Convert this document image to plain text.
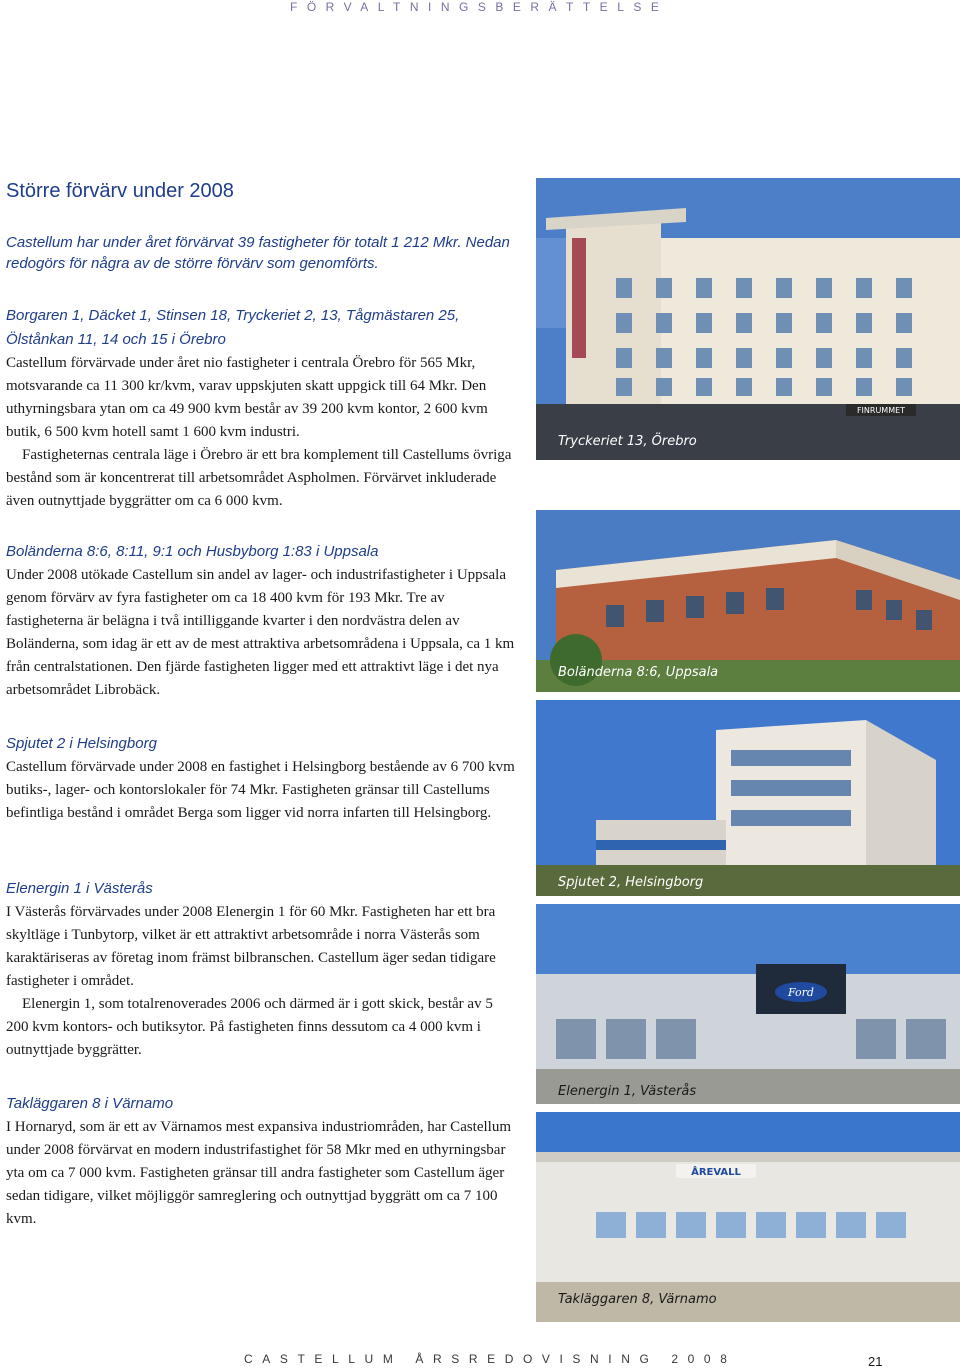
FÖRVALTNINGSBERÄTTELSE
Större förvärv under 2008
Castellum har under året förvärvat 39 fastigheter för totalt 1 212 Mkr. Nedan redogörs för några av de större förvärv som genomförts.
Borgaren 1, Däcket 1, Stinsen 18, Tryckeriet 2, 13, Tågmästaren 25, Ölstånkan 11, 14 och 15 i Örebro

Castellum förvärvade under året nio fastigheter i centrala Örebro för 565 Mkr, motsvarande ca 11 300 kr/kvm, varav uppskjuten skatt uppgick till 64 Mkr. Den uthyrningsbara ytan om ca 49 900 kvm består av 39 200 kvm kontor, 2 600 kvm butik, 6 500 kvm hotell samt 1 600 kvm industri.

Fastigheternas centrala läge i Örebro är ett bra komplement till Castellums övriga bestånd som är koncentrerat till arbetsområdet Aspholmen. Förvärvet inkluderade även outnyttjade byggrätter om ca 6 000 kvm.

Boländerna 8:6, 8:11, 9:1 och Husbyborg 1:83 i Uppsala

Under 2008 utökade Castellum sin andel av lager- och industrifastigheter i Uppsala genom förvärv av fyra fastigheter om ca 18 400 kvm för 193 Mkr. Tre av fastigheterna är belägna i två intilliggande kvarter i den nordvästra delen av Boländerna, som idag är ett av de mest attraktiva arbetsområdena i Uppsala, ca 1 km från centralstationen. Den fjärde fastigheten ligger med ett attraktivt läge i det nya arbetsområdet Librobäck.

Spjutet 2 i Helsingborg

Castellum förvärvade under 2008 en fastighet i Helsingborg bestående av 6 700 kvm butiks-, lager- och kontorslokaler för 74 Mkr. Fastigheten gränsar till Castellums befintliga bestånd i området Berga som ligger vid norra infarten till Helsingborg.

Elenergin 1 i Västerås

I Västerås förvärvades under 2008 Elenergin 1 för 60 Mkr. Fastigheten har ett bra skyltläge i Tunbytorp, vilket är ett attraktivt arbetsområde i norra Västerås som karaktäriseras av företag inom främst bilbranschen. Castellum äger sedan tidigare fastigheter i området.

Elenergin 1, som totalrenoverades 2006 och därmed är i gott skick, består av 5 200 kvm kontors- och butiksytor. På fastigheten finns dessutom ca 4 000 kvm i outnyttjade byggrätter.

Takläggaren 8 i Värnamo

I Hornaryd, som är ett av Värnamos mest expansiva industriområden, har Castellum under 2008 förvärvat en modern industrifastighet för 58 Mkr med en uthyrningsbar yta om ca 7 000 kvm. Fastigheten gränsar till andra fastigheter som Castellum äger sedan tidigare, vilket möjliggör samreglering och outnyttjad byggrätt om ca 7 100 kvm.

FINRUMMET
Tryckeriet 13, Örebro
Boländerna 8:6, Uppsala
Spjutet 2, Helsingborg
Ford
Elenergin 1, Västerås
ÅREVALL
Takläggaren 8, Värnamo
CASTELLUM ÅRSREDOVISNING 2008	21
